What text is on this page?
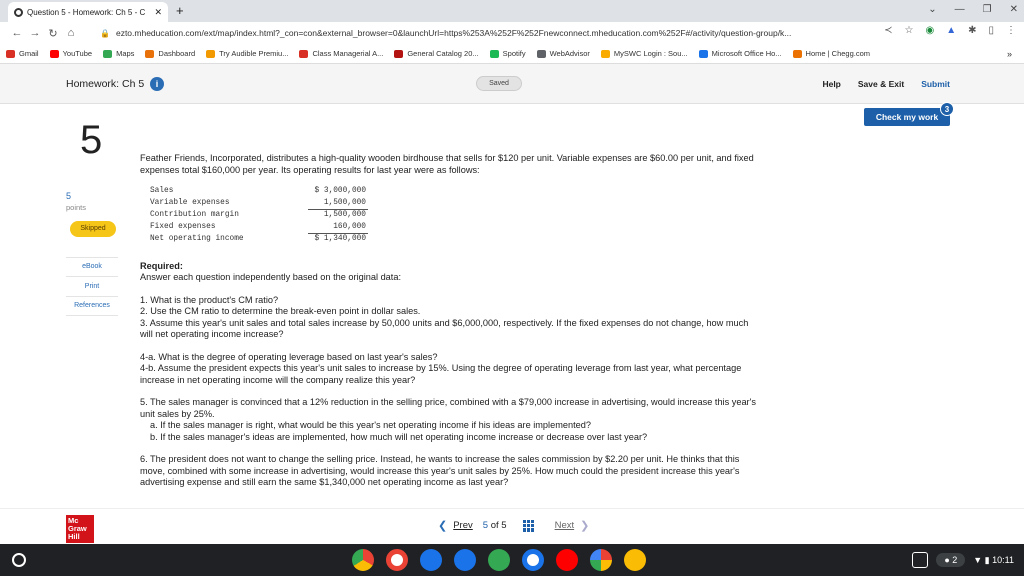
Question 5 - Homework: Ch 5 - C	✕ +	⌄ — ❐ ✕
← → ↻ ⌂	🔒 ezto.mheducation.com/ext/map/index.html?_con=con&external_browser=0&launchUrl=https%253A%252F%252Fnewconnect.mheducation.com%252F#/activity/question-group/k...	≺ ☆ ◉ ▲ ✱ ▯ ⋮
Gmail	YouTube	Maps	Dashboard	Try Audible Premiu...	Class Managerial A...	General Catalog 20...	Spotify	WebAdvisor	MySWC Login : Sou...	Microsoft Office Ho...	Home | Chegg.com	»
Homework: Ch 5	i	Saved	Help Save & Exit Submit
Check my work
3
5
5
points
Skipped
eBook
Print
References

Feather Friends, Incorporated, distributes a high-quality wooden birdhouse that sells for $120 per unit. Variable expenses are $60.00 per unit, and fixed expenses total $160,000 per year. Its operating results for last year were as follows:

Sales	$ 3,000,000
Variable expenses	1,500,000
Contribution margin	1,500,000
Fixed expenses	160,000
Net operating income	$ 1,340,000

Required:

Answer each question independently based on the original data:

1. What is the product's CM ratio?

2. Use the CM ratio to determine the break-even point in dollar sales.

3. Assume this year's unit sales and total sales increase by 50,000 units and $6,000,000, respectively. If the fixed expenses do not change, how much will net operating income increase?

4-a. What is the degree of operating leverage based on last year's sales?

4-b. Assume the president expects this year's unit sales to increase by 15%. Using the degree of operating leverage from last year, what percentage increase in net operating income will the company realize this year?

5. The sales manager is convinced that a 12% reduction in the selling price, combined with a $79,000 increase in advertising, would increase this year's unit sales by 25%.

a. If the sales manager is right, what would be this year's net operating income if his ideas are implemented?

b. If the sales manager's ideas are implemented, how much will net operating income increase or decrease over last year?

6. The president does not want to change the selling price. Instead, he wants to increase the sales commission by $2.20 per unit. He thinks that this move, combined with some increase in advertising, would increase this year's unit sales by 25%. How much could the president increase this year's advertising expense and still earn the same $1,340,000 net operating income as last year?

Mc Graw Hill
❮ Prev 5 of 5	Next ❯
● 2	▼ ▮ 10:11
